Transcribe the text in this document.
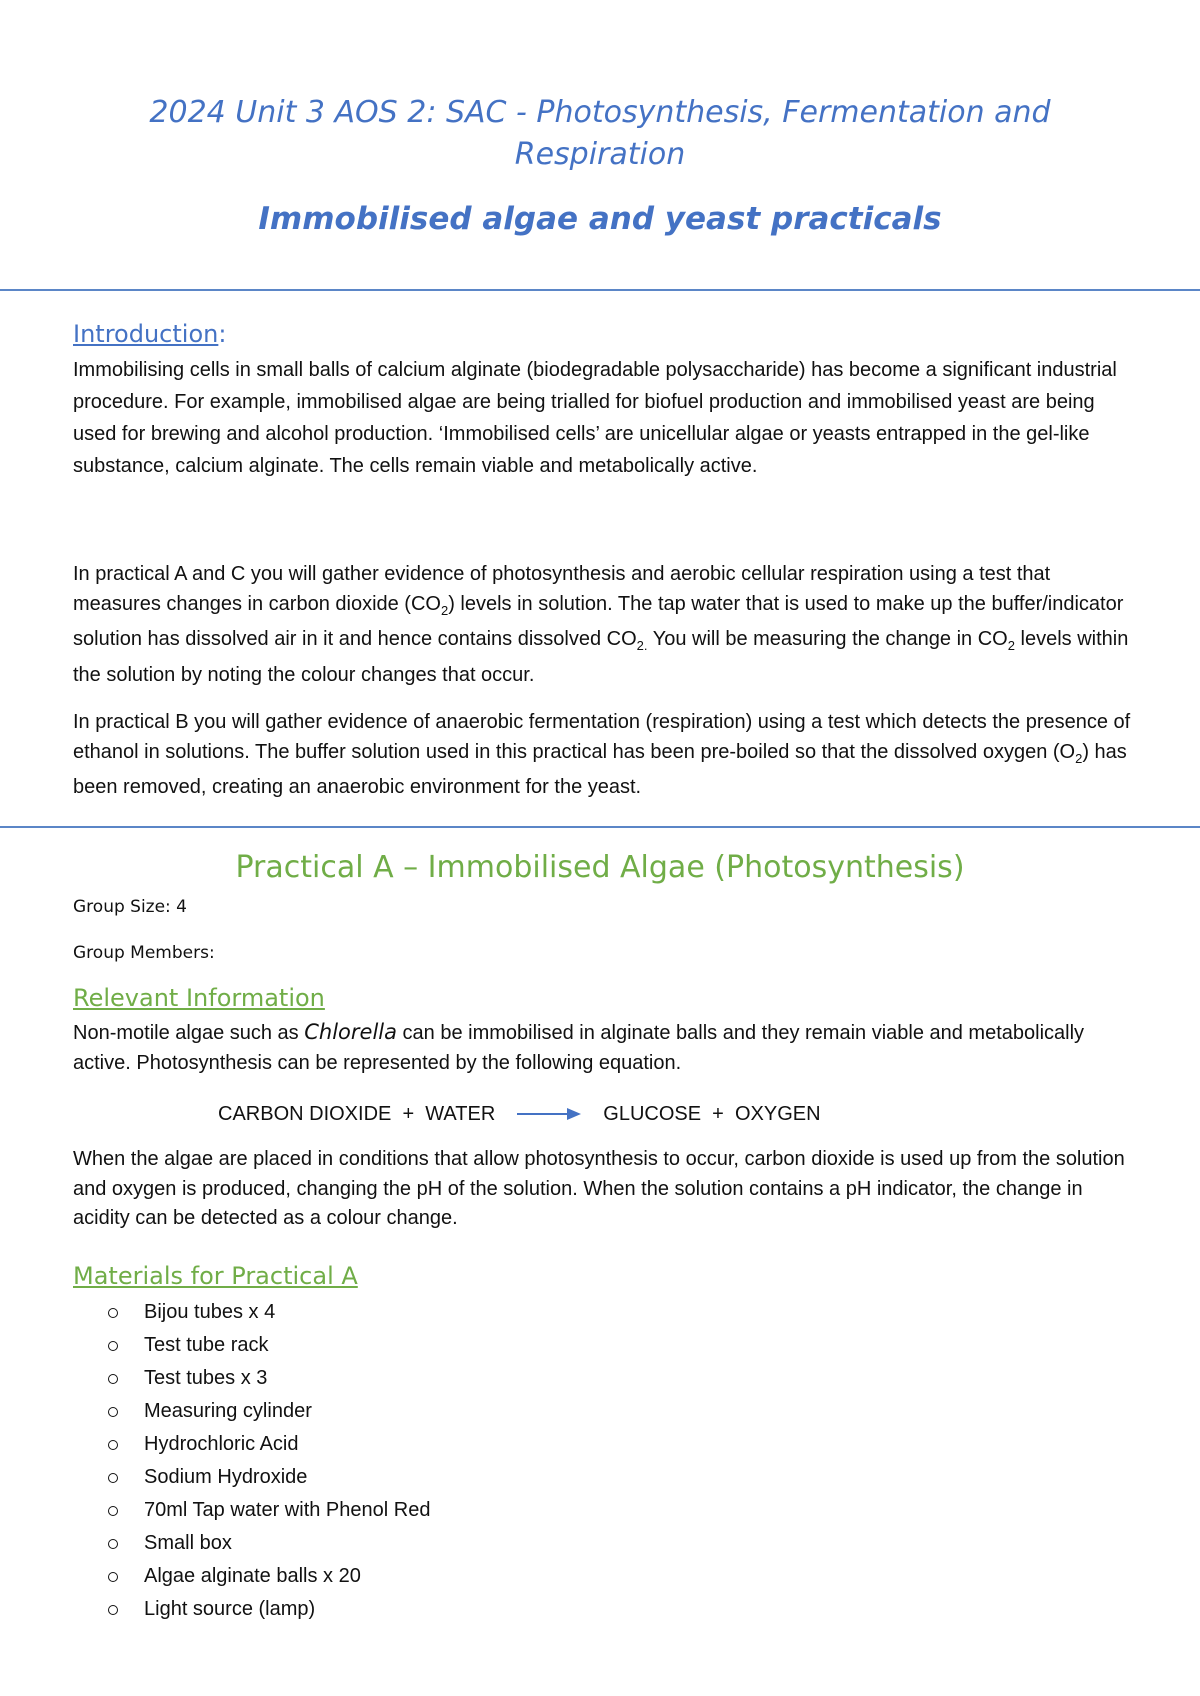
2024 Unit 3 AOS 2: SAC - Photosynthesis, Fermentation and
Respiration
Immobilised algae and yeast practicals
Introduction:

Immobilising cells in small balls of calcium alginate (biodegradable polysaccharide) has become a significant industrial procedure. For example, immobilised algae are being trialled for biofuel production and immobilised yeast are being used for brewing and alcohol production. ‘Immobilised cells’ are unicellular algae or yeasts entrapped in the gel-like substance, calcium alginate. The cells remain viable and metabolically active.

In practical A and C you will gather evidence of photosynthesis and aerobic cellular respiration using a test that measures changes in carbon dioxide $(CO_2)$ levels in solution. The tap water that is used to make up the buffer/indicator solution has dissolved air in it and hence contains dissolved $CO_{2.}$ You will be measuring the change in $CO_2$ levels within the solution by noting the colour changes that occur.

In practical B you will gather evidence of anaerobic fermentation (respiration) using a test which detects the presence of ethanol in solutions. The buffer solution used in this practical has been pre-boiled so that the dissolved oxygen $(O_2)$ has been removed, creating an anaerobic environment for the yeast.

Practical A – Immobilised Algae (Photosynthesis)
Group Size: 4
Group Members:
Relevant Information

Non-motile algae such as Chlorella can be immobilised in alginate balls and they remain viable and metabolically active. Photosynthesis can be represented by the following equation.

CARBON DIOXIDE  +  WATER	GLUCOSE  +  OXYGEN

When the algae are placed in conditions that allow photosynthesis to occur, carbon dioxide is used up from the solution and oxygen is produced, changing the pH of the solution. When the solution contains a pH indicator, the change in acidity can be detected as a colour change.

Materials for Practical A
Bijou tubes x 4
Test tube rack
Test tubes x 3
Measuring cylinder
Hydrochloric Acid
Sodium Hydroxide
70ml Tap water with Phenol Red
Small box
Algae alginate balls x 20
Light source (lamp)
